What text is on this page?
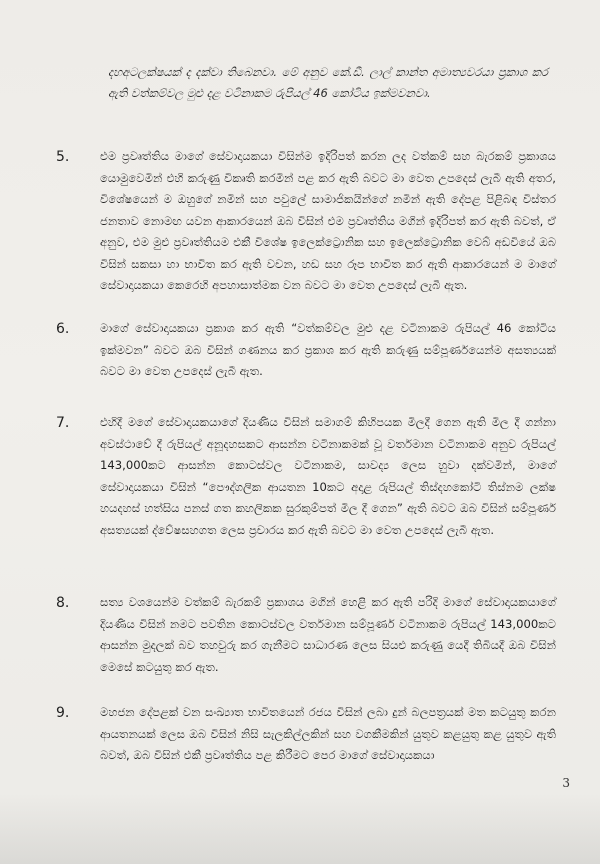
දහඅටලක්ෂයක් ද දක්වා තිබෙනවා. මේ අනුව කේ.ඩී. ලාල් කාන්ත අමාත්‍යවරයා ප්‍රකාශ කර ඇති වත්කම්වල මුළු දළ වටිනාකම රුපියල් 46 කෝටිය ඉක්මවනවා.
5.	එම ප්‍රවෘත්තිය මාගේ සේවාදායකයා විසින්ම ඉදිරිපත් කරන ලද වත්කම් සහ බැරකම් ප්‍රකාශය යොමුවෙමින් එහි කරුණු විකෘති කරමින් පළ කර ඇති බවට මා වෙත උපදෙස් ලැබී ඇති අතර, විශේෂයෙන් ම ඔහුගේ නමින් සහ පවුලේ සාමාජිකයින්ගේ නමින් ඇති දේපළ පිළිබඳ විස්තර ජනතාව නොමඟ යවන ආකාරයෙන් ඔබ විසින් එම ප්‍රවෘත්තිය මගින් ඉදිරිපත් කර ඇති බවත්, ඒ අනුව, එම මුළු ප්‍රවෘත්තියම එකී විශේෂ ඉලෙක්ට්‍රොනික සහ ඉලෙක්ට්‍රොනික වෙබ් අඩවියේ ඔබ විසින් සකසා හා භාවිත කර ඇති වචන, හඩ සහ රූප භාවිත කර ඇති ආකාරයෙන් ම මාගේ සේවාදායකයා කෙරෙහි අපහාසාත්මක වන බවට මා වෙත උපදෙස් ලැබී ඇත.
6.	මාගේ සේවාදායකයා ප්‍රකාශ කර ඇති “වත්කම්වල මුළු දළ වටිනාකම රුපියල් 46 කෝටිය ඉක්මවන” බවට ඔබ විසින් ගණනය කර ප්‍රකාශ කර ඇති කරුණු සම්පූර්ණයෙන්ම අසත්‍යයක් බවට මා වෙත උපදෙස් ලැබී ඇත.
7.	එහිදී මගේ සේවාදායකයාගේ දියණිය විසින් සමාගම් කිහිපයක මිලදී ගෙන ඇති මිල දී ගන්නා අවස්ථාවේ දී රුපියල් අනූදහසකට ආසන්න වටිනාකමක් වූ වර්තමාන වටිනාකම අනුව රුපියල් 143,000කට ආසන්න කොටස්වල වටිනාකම, සාවද්‍ය ලෙස හුවා දක්වමින්, මාගේ සේවාදායකයා විසින් “පෞද්ගලික ආයතන 10කට අදාළ රුපියල් තිස්දහකෝටි තිස්නම ලක්ෂ හයදහස් හත්සිය පනස් ගත කහලිකක සුරකුම්පත් මිල දී ගෙන” ඇති බවට ඔබ විසින් සම්පූර්ණ අසත්‍යයක් ද්වේෂසහගත ලෙස ප්‍රචාරය කර ඇති බවට මා වෙත උපදෙස් ලැබී ඇත.
8.	සත්‍ය වශයෙන්ම වත්කම් බැරකම් ප්‍රකාශය මගින් හෙළි කර ඇති පරිදි මාගේ සේවාදායකයාගේ දියණිය විසින් නමට පවතින කොටස්වල වර්තමාන සම්පූර්ණ වටිනාකම රුපියල් 143,000කට ආසන්න මුදලක් බව තහවුරු කර ගැනීමට සාධාරණ ලෙස සියළු කරුණු යෙදී තිබියදී ඔබ විසින් මෙසේ කටයුතු කර ඇත.
9.	මහජන දේපළක් වන සංඛ්‍යාත භාවිතයෙන් රජය විසින් ලබා දුන් බලපත්‍රයක් මත කටයුතු කරන ආයතනයක් ලෙස ඔබ විසින් නිසි සැලකිල්ලකින් සහ වගකීමකින් යුතුව කළයුතු කළ යුතුව ඇති බවත්, ඔබ විසින් එකී ප්‍රවෘත්තිය පළ කිරීමට පෙර මාගේ සේවාදායකයා
3
